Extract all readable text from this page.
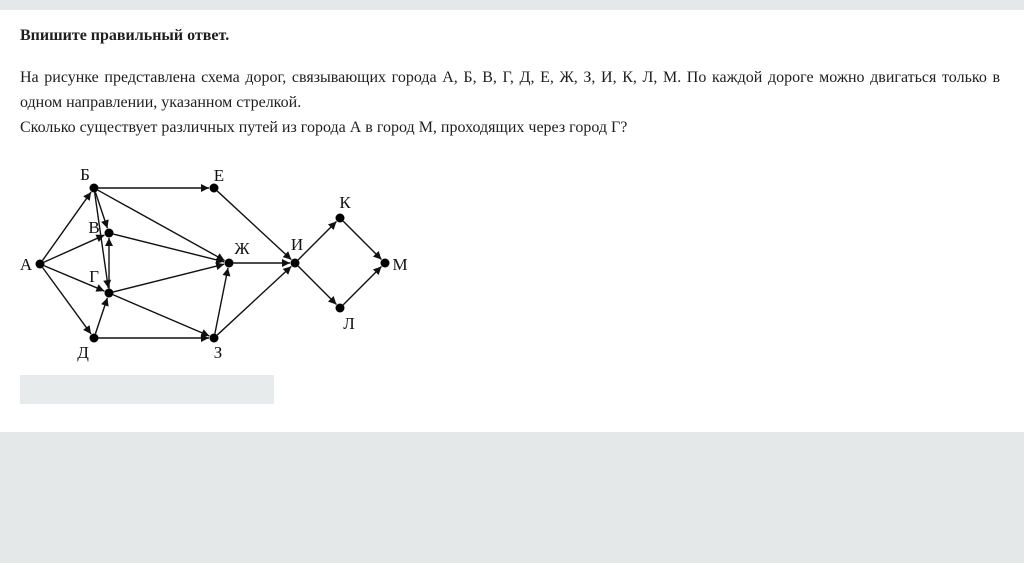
Впишите правильный ответ.

На рисунке представлена схема дорог, связывающих города А, Б, В, Г, Д, Е, Ж, З, И, К, Л, М. По каждой дороге можно двигаться только в одном направлении, указанном стрелкой.

Сколько существует различных путей из города А в город М, проходящих через город Г?

А
Б
В
Г
Д
Е
Ж
З
И
К
Л
М
